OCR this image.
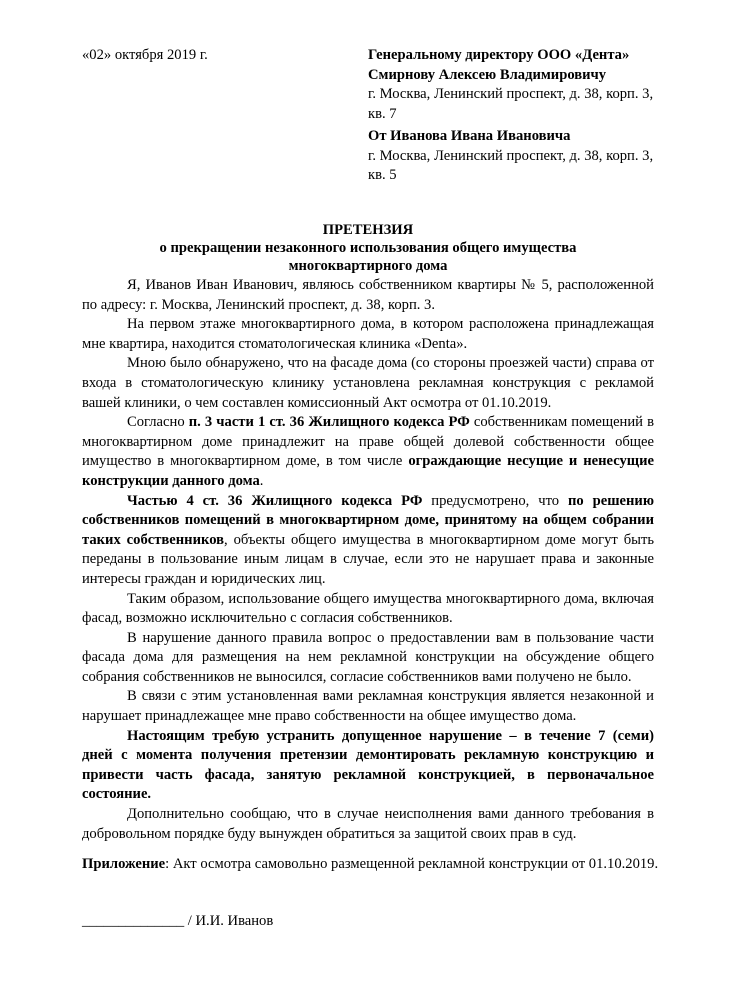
«02» октября 2019 г.	Генеральному директору ООО «Дента»
Смирнову Алексею Владимировичу
г. Москва, Ленинский проспект, д. 38, корп. 3, кв. 7
От Иванова Ивана Ивановича
г. Москва, Ленинский проспект, д. 38, корп. 3, кв. 5
ПРЕТЕНЗИЯ
о прекращении незаконного использования общего имущества
многоквартирного дома

Я, Иванов Иван Иванович, являюсь собственником квартиры № 5, расположенной по адресу: г. Москва, Ленинский проспект, д. 38, корп. 3.

На первом этаже многоквартирного дома, в котором расположена принадлежащая мне квартира, находится стоматологическая клиника «Denta».

Мною было обнаружено, что на фасаде дома (со стороны проезжей части) справа от входа в стоматологическую клинику установлена рекламная конструкция с рекламой вашей клиники, о чем составлен комиссионный Акт осмотра от 01.10.2019.

Согласно п. 3 части 1 ст. 36 Жилищного кодекса РФ собственникам помещений в многоквартирном доме принадлежит на праве общей долевой собственности общее имущество в многоквартирном доме, в том числе ограждающие несущие и ненесущие конструкции данного дома.

Частью 4 ст. 36 Жилищного кодекса РФ предусмотрено, что по решению собственников помещений в многоквартирном доме, принятому на общем собрании таких собственников, объекты общего имущества в многоквартирном доме могут быть переданы в пользование иным лицам в случае, если это не нарушает права и законные интересы граждан и юридических лиц.

Таким образом, использование общего имущества многоквартирного дома, включая фасад, возможно исключительно с согласия собственников.

В нарушение данного правила вопрос о предоставлении вам в пользование части фасада дома для размещения на нем рекламной конструкции на обсуждение общего собрания собственников не выносился, согласие собственников вами получено не было.

В связи с этим установленная вами рекламная конструкция является незаконной и нарушает принадлежащее мне право собственности на общее имущество дома.

Настоящим требую устранить допущенное нарушение – в течение 7 (семи) дней с момента получения претензии демонтировать рекламную конструкцию и привести часть фасада, занятую рекламной конструкцией, в первоначальное состояние.

Дополнительно сообщаю, что в случае неисполнения вами данного требования в добровольном порядке буду вынужден обратиться за защитой своих прав в суд.

Приложение: Акт осмотра самовольно размещенной рекламной конструкции от 01.10.2019.
______________ / И.И. Иванов
